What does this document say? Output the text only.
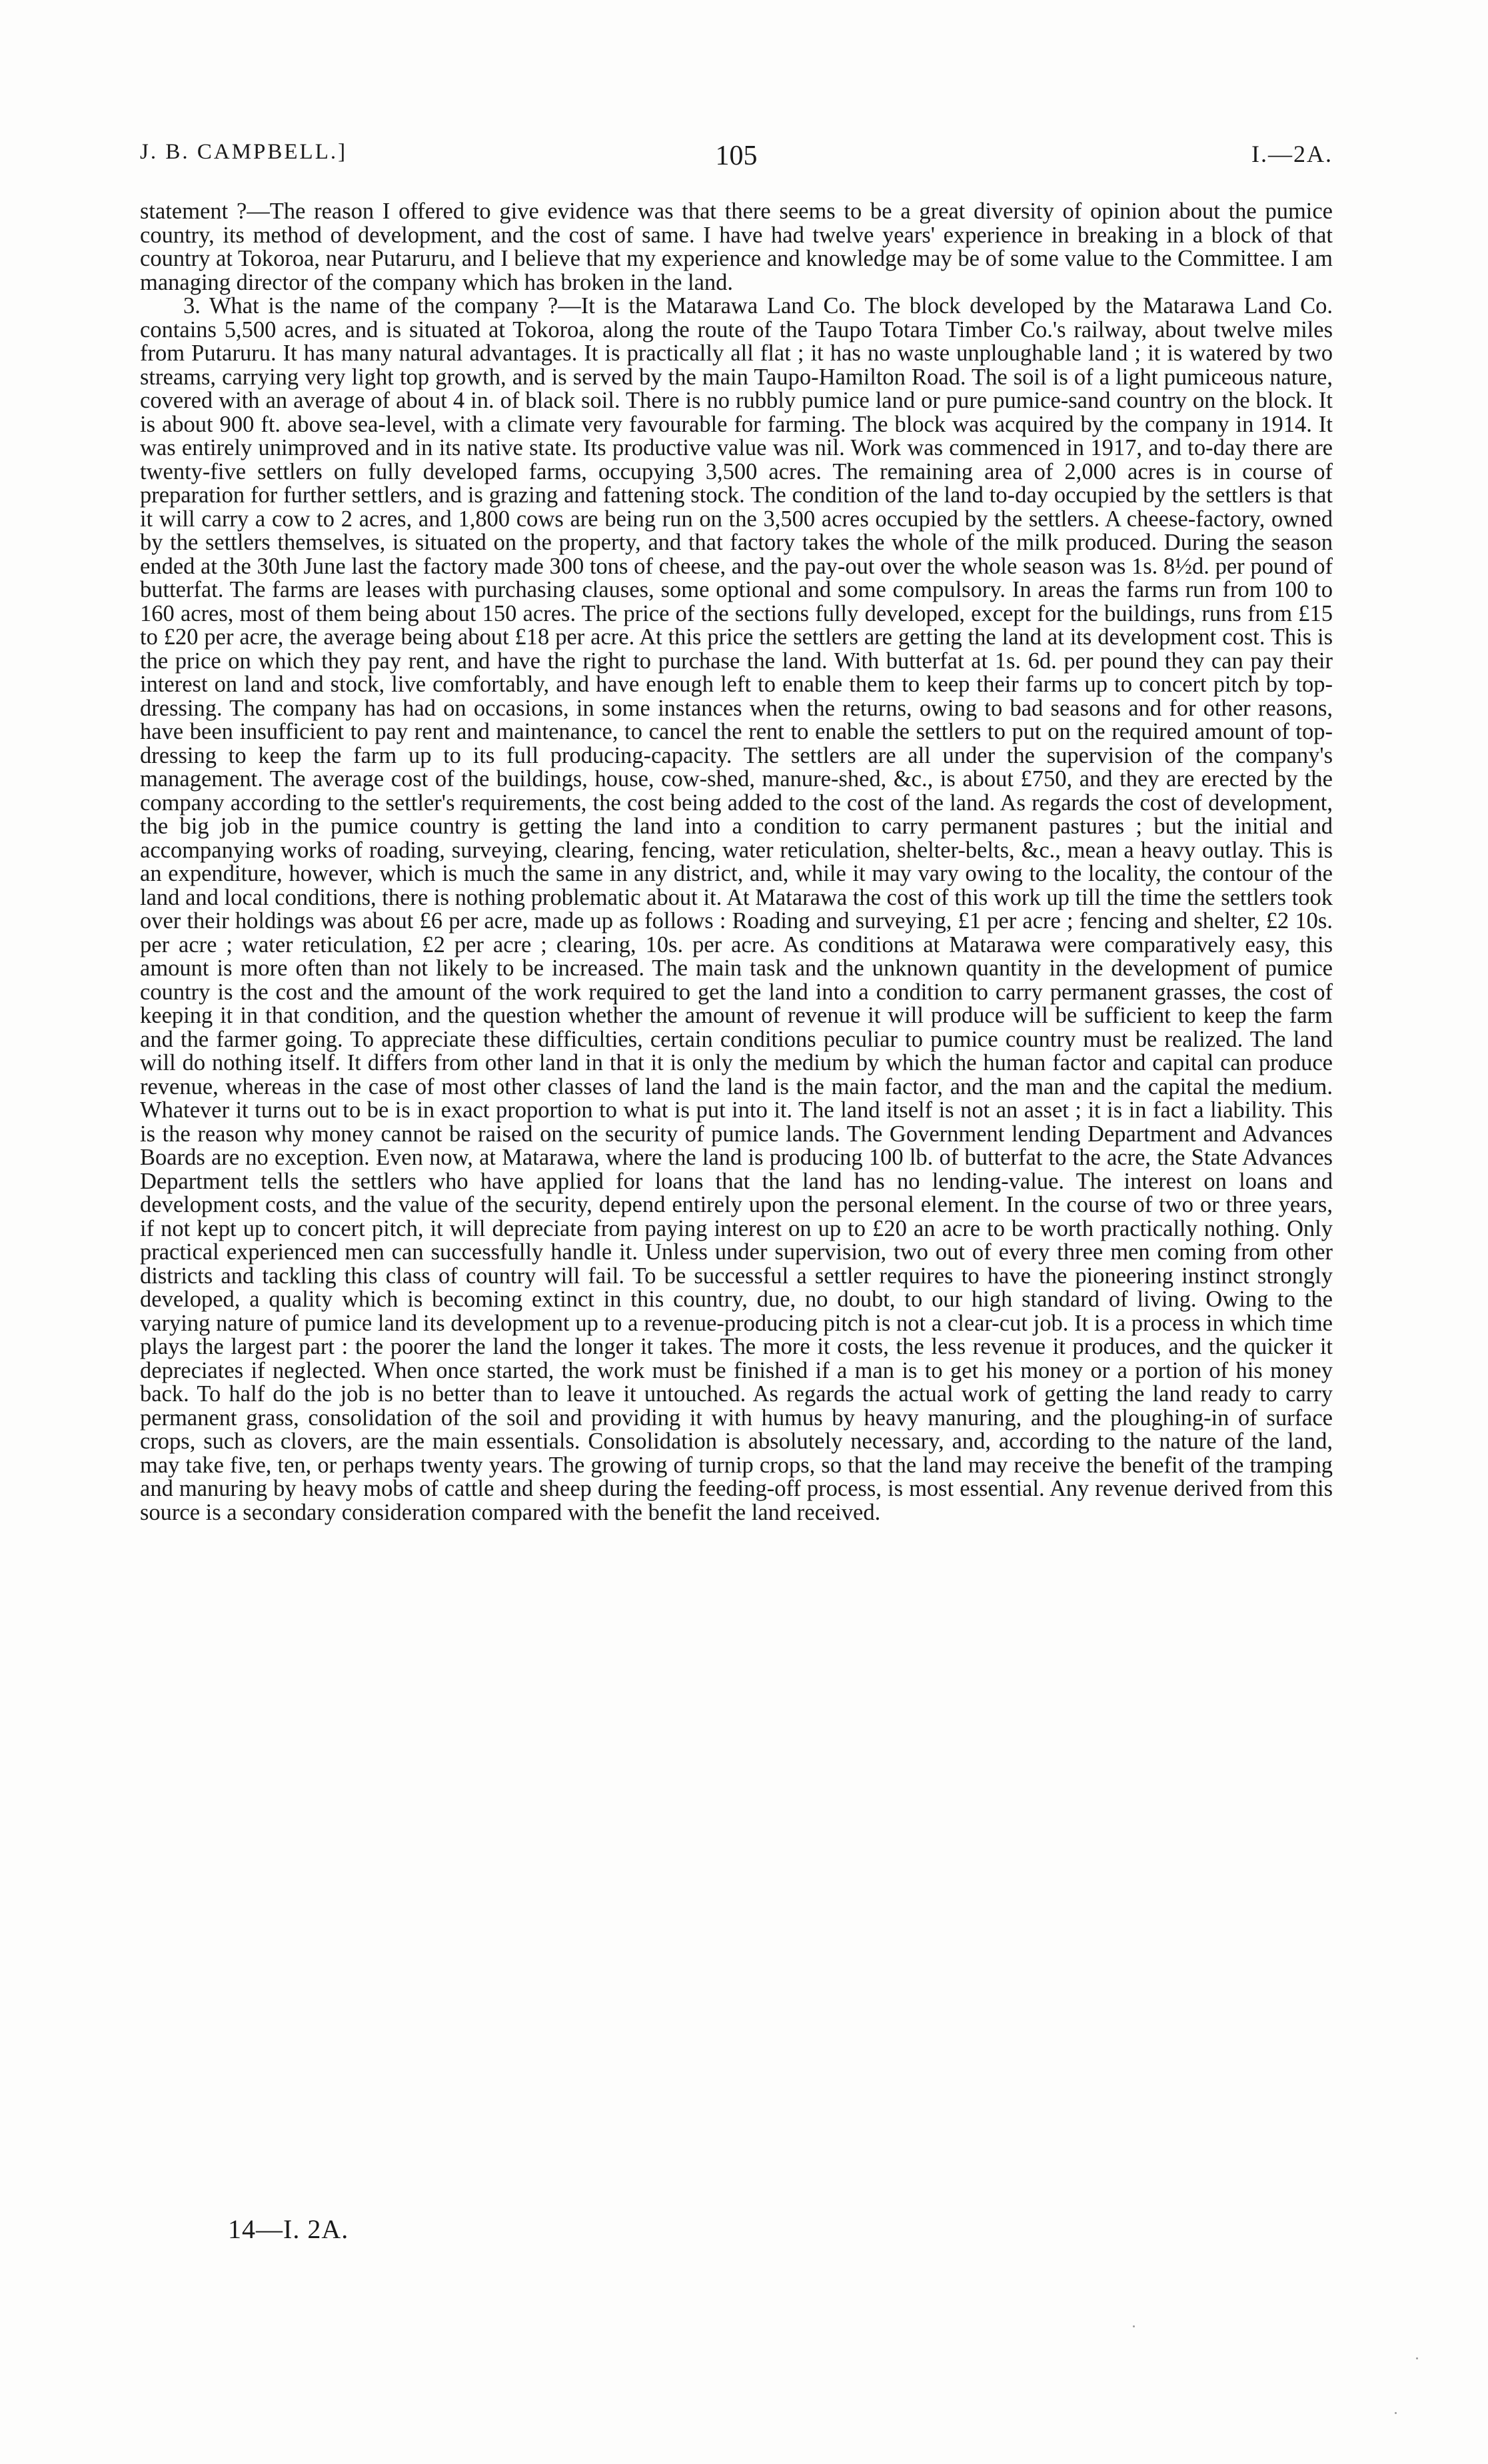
J. B. CAMPBELL.]	105	I.—2A.

statement ?—The reason I offered to give evidence was that there seems to be a great diversity of opinion about the pumice country, its method of development, and the cost of same. I have had twelve years' experience in breaking in a block of that country at Tokoroa, near Putaruru, and I believe that my experience and knowledge may be of some value to the Committee. I am managing director of the company which has broken in the land.

3. What is the name of the company ?—It is the Matarawa Land Co. The block developed by the Matarawa Land Co. contains 5,500 acres, and is situated at Tokoroa, along the route of the Taupo Totara Timber Co.'s railway, about twelve miles from Putaruru. It has many natural advantages. It is practically all flat ; it has no waste unploughable land ; it is watered by two streams, carrying very light top growth, and is served by the main Taupo-Hamilton Road. The soil is of a light pumiceous nature, covered with an average of about 4 in. of black soil. There is no rubbly pumice land or pure pumice-sand country on the block. It is about 900 ft. above sea-level, with a climate very favourable for farming. The block was acquired by the company in 1914. It was entirely unimproved and in its native state. Its productive value was nil. Work was commenced in 1917, and to-day there are twenty-five settlers on fully developed farms, occupying 3,500 acres. The remaining area of 2,000 acres is in course of preparation for further settlers, and is grazing and fattening stock. The condition of the land to-day occupied by the settlers is that it will carry a cow to 2 acres, and 1,800 cows are being run on the 3,500 acres occupied by the settlers. A cheese-factory, owned by the settlers themselves, is situated on the property, and that factory takes the whole of the milk produced. During the season ended at the 30th June last the factory made 300 tons of cheese, and the pay-out over the whole season was 1s. 8½d. per pound of butterfat. The farms are leases with purchasing clauses, some optional and some compulsory. In areas the farms run from 100 to 160 acres, most of them being about 150 acres. The price of the sections fully developed, except for the buildings, runs from £15 to £20 per acre, the average being about £18 per acre. At this price the settlers are getting the land at its development cost. This is the price on which they pay rent, and have the right to purchase the land. With butterfat at 1s. 6d. per pound they can pay their interest on land and stock, live comfortably, and have enough left to enable them to keep their farms up to concert pitch by top-dressing. The company has had on occasions, in some instances when the returns, owing to bad seasons and for other reasons, have been insufficient to pay rent and maintenance, to cancel the rent to enable the settlers to put on the required amount of top-dressing to keep the farm up to its full producing-capacity. The settlers are all under the supervision of the company's management. The average cost of the buildings, house, cow-shed, manure-shed, &c., is about £750, and they are erected by the company according to the settler's requirements, the cost being added to the cost of the land. As regards the cost of development, the big job in the pumice country is getting the land into a condition to carry permanent pastures ; but the initial and accompanying works of roading, surveying, clearing, fencing, water reticulation, shelter-belts, &c., mean a heavy outlay. This is an expenditure, however, which is much the same in any district, and, while it may vary owing to the locality, the contour of the land and local conditions, there is nothing problematic about it. At Matarawa the cost of this work up till the time the settlers took over their holdings was about £6 per acre, made up as follows : Roading and surveying, £1 per acre ; fencing and shelter, £2 10s. per acre ; water reticulation, £2 per acre ; clearing, 10s. per acre. As conditions at Matarawa were comparatively easy, this amount is more often than not likely to be increased. The main task and the unknown quantity in the development of pumice country is the cost and the amount of the work required to get the land into a condition to carry permanent grasses, the cost of keeping it in that condition, and the question whether the amount of revenue it will produce will be sufficient to keep the farm and the farmer going. To appreciate these difficulties, certain conditions peculiar to pumice country must be realized. The land will do nothing itself. It differs from other land in that it is only the medium by which the human factor and capital can produce revenue, whereas in the case of most other classes of land the land is the main factor, and the man and the capital the medium. Whatever it turns out to be is in exact proportion to what is put into it. The land itself is not an asset ; it is in fact a liability. This is the reason why money cannot be raised on the security of pumice lands. The Government lending Department and Advances Boards are no exception. Even now, at Matarawa, where the land is producing 100 lb. of butterfat to the acre, the State Advances Department tells the settlers who have applied for loans that the land has no lending-value. The interest on loans and development costs, and the value of the security, depend entirely upon the personal element. In the course of two or three years, if not kept up to concert pitch, it will depreciate from paying interest on up to £20 an acre to be worth practically nothing. Only practical experienced men can successfully handle it. Unless under supervision, two out of every three men coming from other districts and tackling this class of country will fail. To be successful a settler requires to have the pioneering instinct strongly developed, a quality which is becoming extinct in this country, due, no doubt, to our high standard of living. Owing to the varying nature of pumice land its development up to a revenue-producing pitch is not a clear-cut job. It is a process in which time plays the largest part : the poorer the land the longer it takes. The more it costs, the less revenue it produces, and the quicker it depreciates if neglected. When once started, the work must be finished if a man is to get his money or a portion of his money back. To half do the job is no better than to leave it untouched. As regards the actual work of getting the land ready to carry permanent grass, consolidation of the soil and providing it with humus by heavy manuring, and the ploughing-in of surface crops, such as clovers, are the main essentials. Consolidation is absolutely necessary, and, according to the nature of the land, may take five, ten, or perhaps twenty years. The growing of turnip crops, so that the land may receive the benefit of the tramping and manuring by heavy mobs of cattle and sheep during the feeding-off process, is most essential. Any revenue derived from this source is a secondary consideration compared with the benefit the land received.

14—I. 2A.
